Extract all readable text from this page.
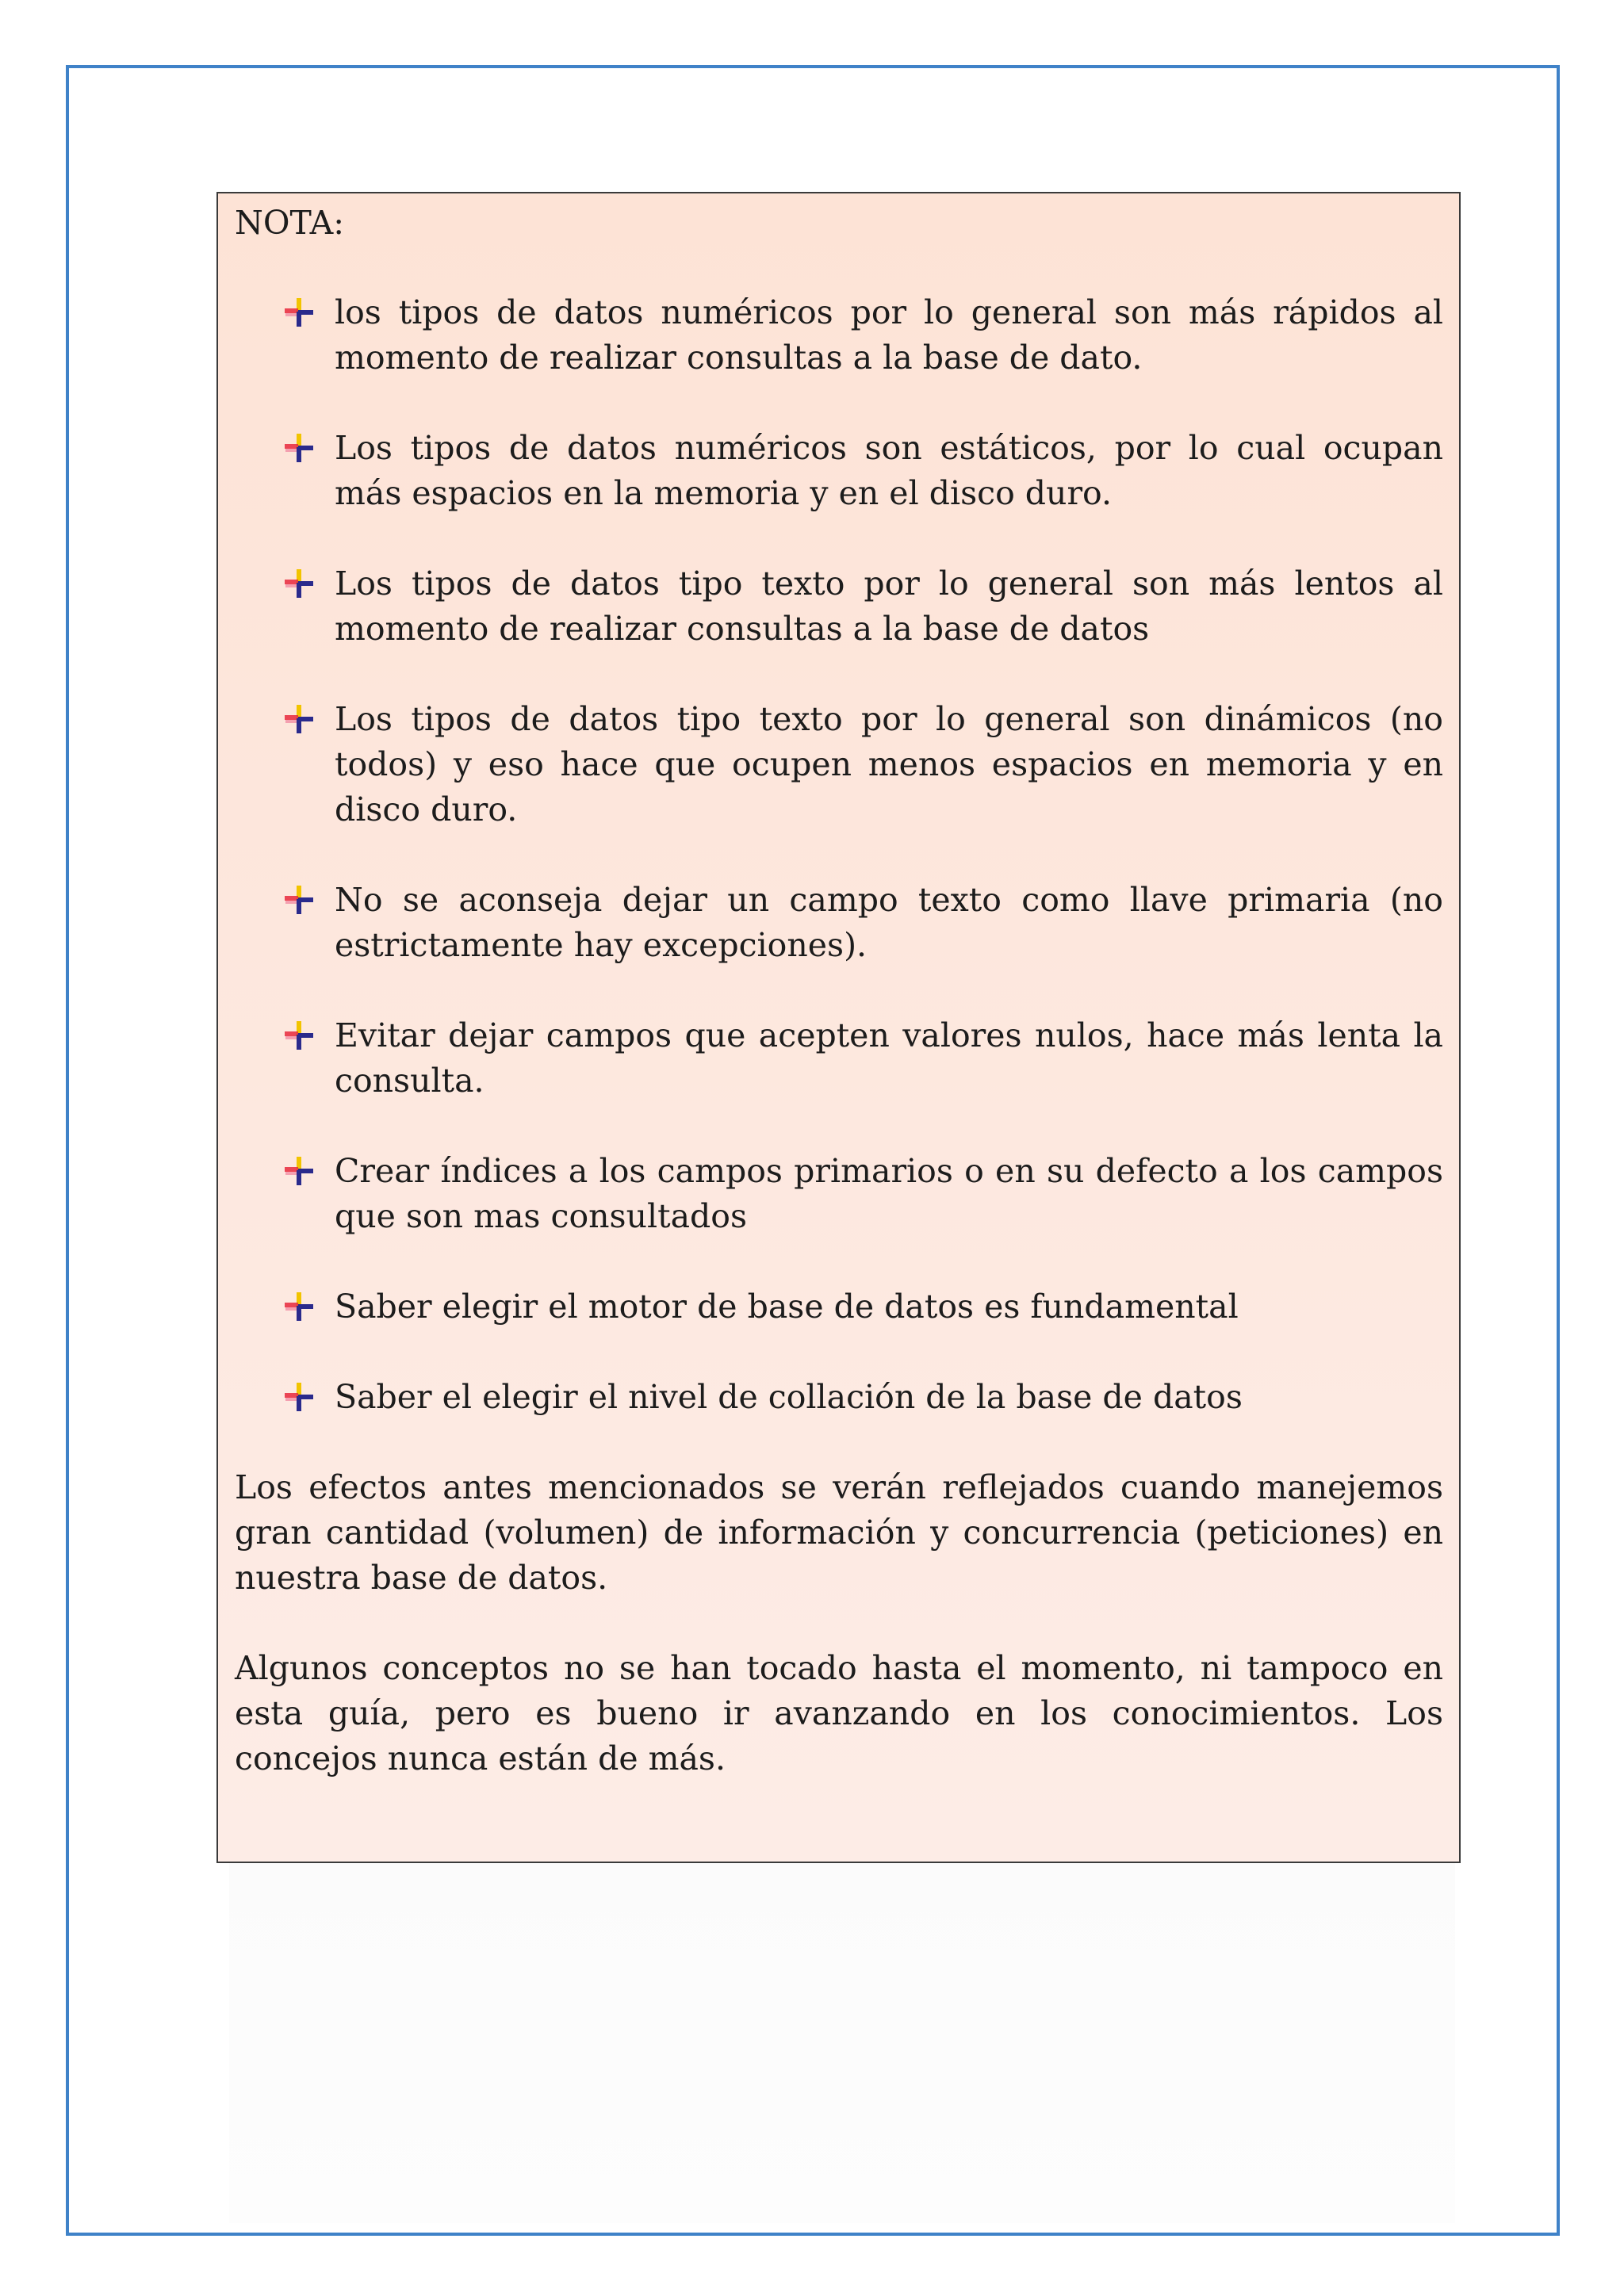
NOTA:

los tipos de datos numéricos por lo general son más rápidos al momento de realizar consultas a la base de dato.
Los tipos de datos numéricos son estáticos, por lo cual ocupan más espacios en la memoria y en el disco duro.
Los tipos de datos tipo texto por lo general son más lentos al momento de realizar consultas a la base de datos
Los tipos de datos tipo texto por lo general son dinámicos (no todos) y eso hace que ocupen menos espacios en memoria y en disco duro.
No se aconseja dejar un campo texto como llave primaria (no estrictamente hay excepciones).
Evitar dejar campos que acepten valores nulos, hace más lenta la consulta.
Crear índices a los campos primarios o en su defecto a los campos que son mas consultados
Saber elegir el motor de base de datos es fundamental
Saber el elegir el nivel de collación de la base de datos

Los efectos antes mencionados se verán reflejados cuando manejemos gran cantidad (volumen) de información y concurrencia (peticiones) en nuestra base de datos.

Algunos conceptos no se han tocado hasta el momento, ni tampoco en esta guía, pero es bueno ir avanzando en los conocimientos. Los concejos nunca están de más.
